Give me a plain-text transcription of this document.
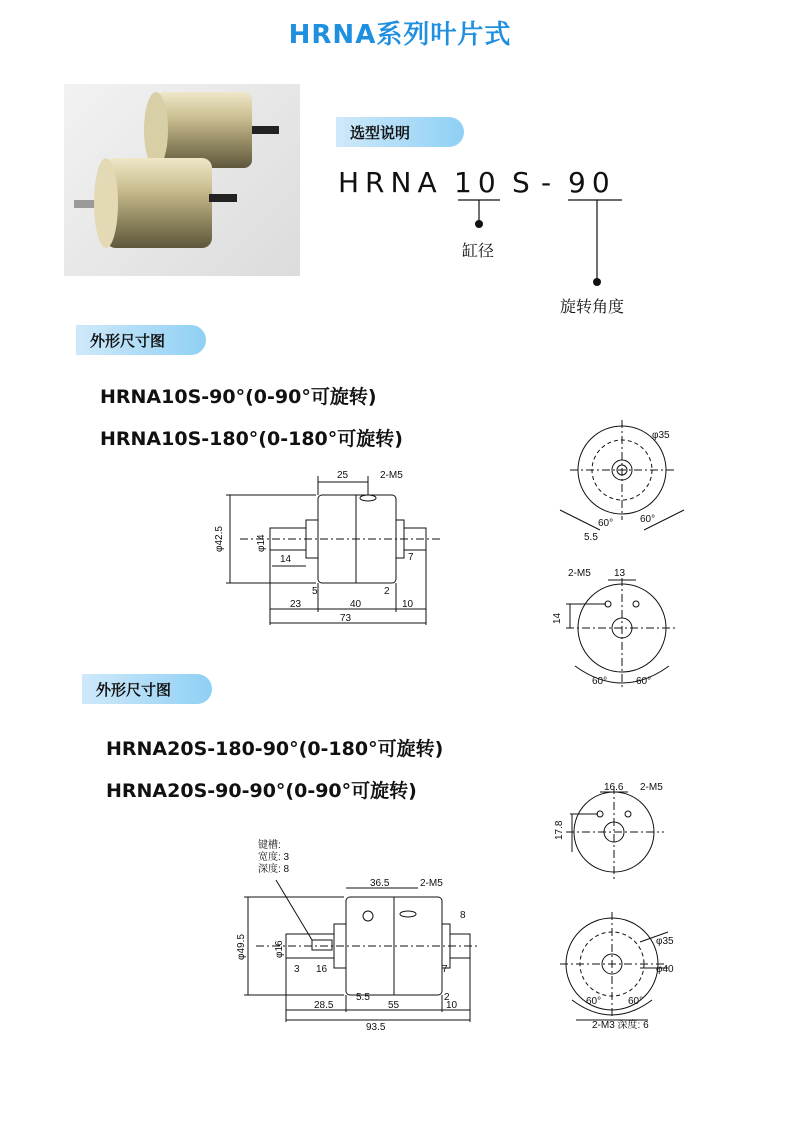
HRNA系列叶片式
选型说明
HRNA 10 S - 90
缸径
旋转角度
外形尺寸图
HRNA10S-90°(0-90°可旋转)
HRNA10S-180°(0-180°可旋转)
外形尺寸图
HRNA20S-180-90°(0-180°可旋转)
HRNA20S-90-90°(0-90°可旋转)
25	2-M5
φ42.5	φ14
14
5	2
23	40	10
73
7
φ35
60°	60°
5.5
2-M5 13
14
60°	60°
键槽:
宽度: 3
深度: 8
36.5	2-M5
φ49.5	φ16
3 16
5.5
7
2
28.5	55	10
93.5
16.6 2-M5
17.8
φ35
φ40
60°	60°
2-M3 深度: 6
8
